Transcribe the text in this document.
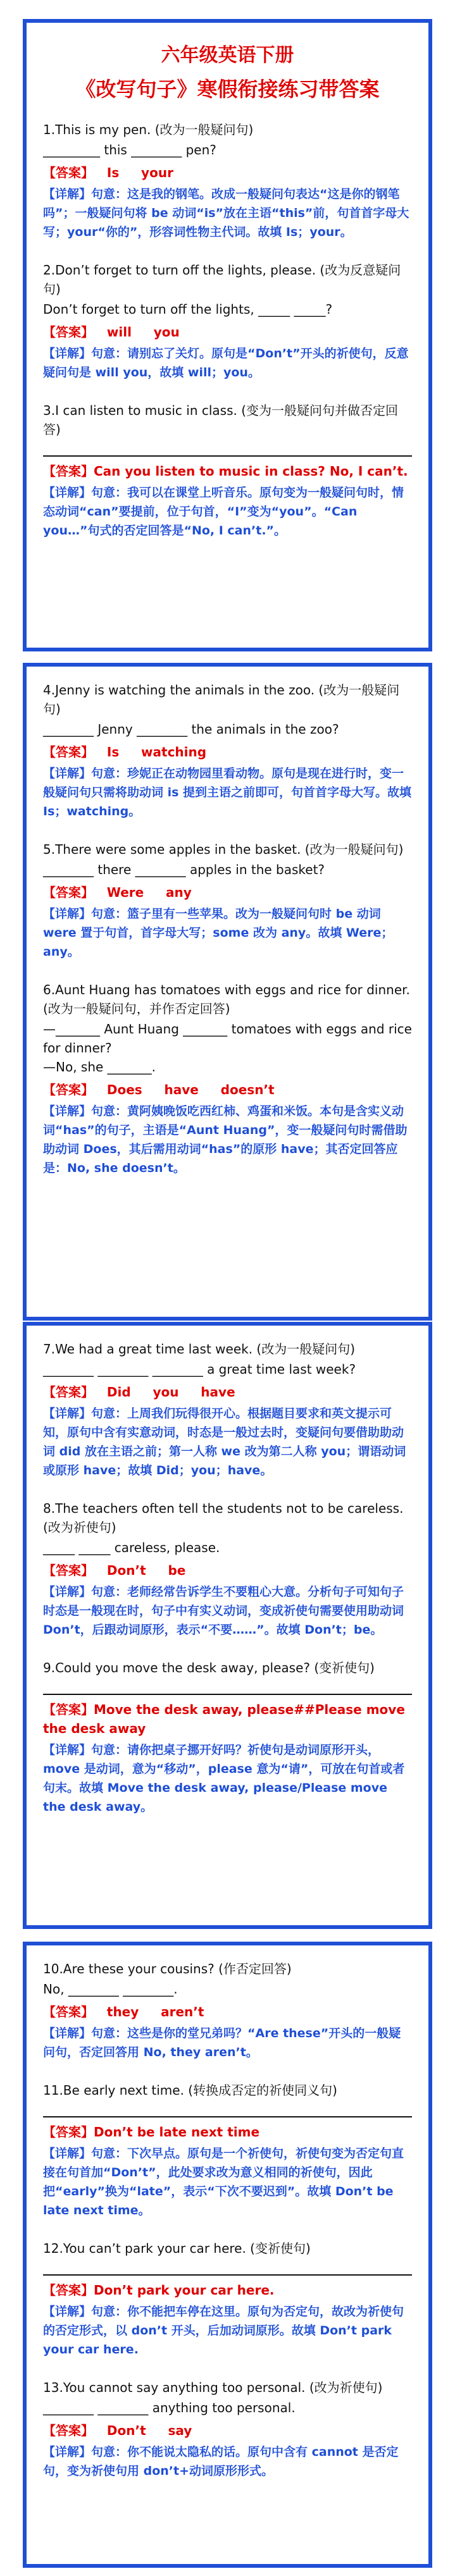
六年级英语下册
《改写句子》寒假衔接练习带答案

1.This is my pen. (改为一般疑问句)

_________ this ________ pen?

【答案】   Is     your

【详解】句意：这是我的钢笔。改成一般疑问句表达“这是你的钢笔吗”；一般疑问句将 be 动词“is”放在主语“this”前，句首首字母大写；your“你的”，形容词性物主代词。故填 Is；your。

2.Don’t forget to turn off the lights, please. (改为反意疑问句)

Don’t forget to turn off the lights, _____ _____?

【答案】   will     you

【详解】句意：请别忘了关灯。原句是“Don’t”开头的祈使句，反意疑问句是 will you，故填 will；you。

3.I can listen to music in class. (变为一般疑问句并做否定回答)

【答案】Can you listen to music in class? No, I can’t.

【详解】句意：我可以在课堂上听音乐。原句变为一般疑问句时，情态动词“can”要提前，位于句首，“I”变为“you”。“Can you…”句式的否定回答是“No, I can’t.”。

4.Jenny is watching the animals in the zoo. (改为一般疑问句)

________ Jenny ________ the animals in the zoo?

【答案】   Is     watching

【详解】句意：珍妮正在动物园里看动物。原句是现在进行时，变一般疑问句只需将助动词 is 提到主语之前即可，句首首字母大写。故填 Is；watching。

5.There were some apples in the basket. (改为一般疑问句)

________ there ________ apples in the basket?

【答案】   Were     any

【详解】句意：篮子里有一些苹果。改为一般疑问句时 be 动词 were 置于句首，首字母大写；some 改为 any。故填 Were；any。

6.Aunt Huang has tomatoes with eggs and rice for dinner. (改为一般疑问句，并作否定回答)

—_______ Aunt Huang _______ tomatoes with eggs and rice for dinner?
—No, she _______.

【答案】   Does     have     doesn’t

【详解】句意：黄阿姨晚饭吃西红柿、鸡蛋和米饭。本句是含实义动词“has”的句子，主语是“Aunt Huang”，变一般疑问句时需借助助动词 Does，其后需用动词“has”的原形 have；其否定回答应是：No, she doesn’t。

7.We had a great time last week. (改为一般疑问句)

________ ________ ________ a great time last week?

【答案】   Did     you     have

【详解】句意：上周我们玩得很开心。根据题目要求和英文提示可知，原句中含有实意动词，时态是一般过去时，变疑问句要借助助动词 did 放在主语之前；第一人称 we 改为第二人称 you；谓语动词或原形 have；故填 Did；you；have。

8.The teachers often tell the students not to be careless. (改为祈使句)

_____ _____ careless, please.

【答案】   Don’t     be

【详解】句意：老师经常告诉学生不要粗心大意。分析句子可知句子时态是一般现在时，句子中有实义动词，变成祈使句需要使用助动词 Don’t，后跟动词原形，表示“不要……”。故填 Don’t；be。

9.Could you move the desk away, please? (变祈使句)

【答案】Move the desk away, please##Please move the desk away

【详解】句意：请你把桌子挪开好吗？祈使句是动词原形开头，move 是动词，意为“移动”，please 意为“请”，可放在句首或者句末。故填 Move the desk away, please/Please move the desk away。

10.Are these your cousins? (作否定回答)

No, ________ ________.

【答案】   they     aren’t

【详解】句意：这些是你的堂兄弟吗？“Are these”开头的一般疑问句，否定回答用 No, they aren’t。

11.Be early next time. (转换成否定的祈使同义句)

【答案】Don’t be late next time

【详解】句意：下次早点。原句是一个祈使句，祈使句变为否定句直接在句首加“Don’t”，此处要求改为意义相同的祈使句，因此把“early”换为“late”，表示“下次不要迟到”。故填 Don’t be late next time。

12.You can’t park your car here. (变祈使句)

【答案】Don’t park your car here.

【详解】句意：你不能把车停在这里。原句为否定句，故改为祈使句的否定形式，以 don’t 开头，后加动词原形。故填 Don’t park your car here.

13.You cannot say anything too personal. (改为祈使句)

________ ________ anything too personal.

【答案】   Don’t     say

【详解】句意：你不能说太隐私的话。原句中含有 cannot 是否定句，变为祈使句用 don’t+动词原形形式。
